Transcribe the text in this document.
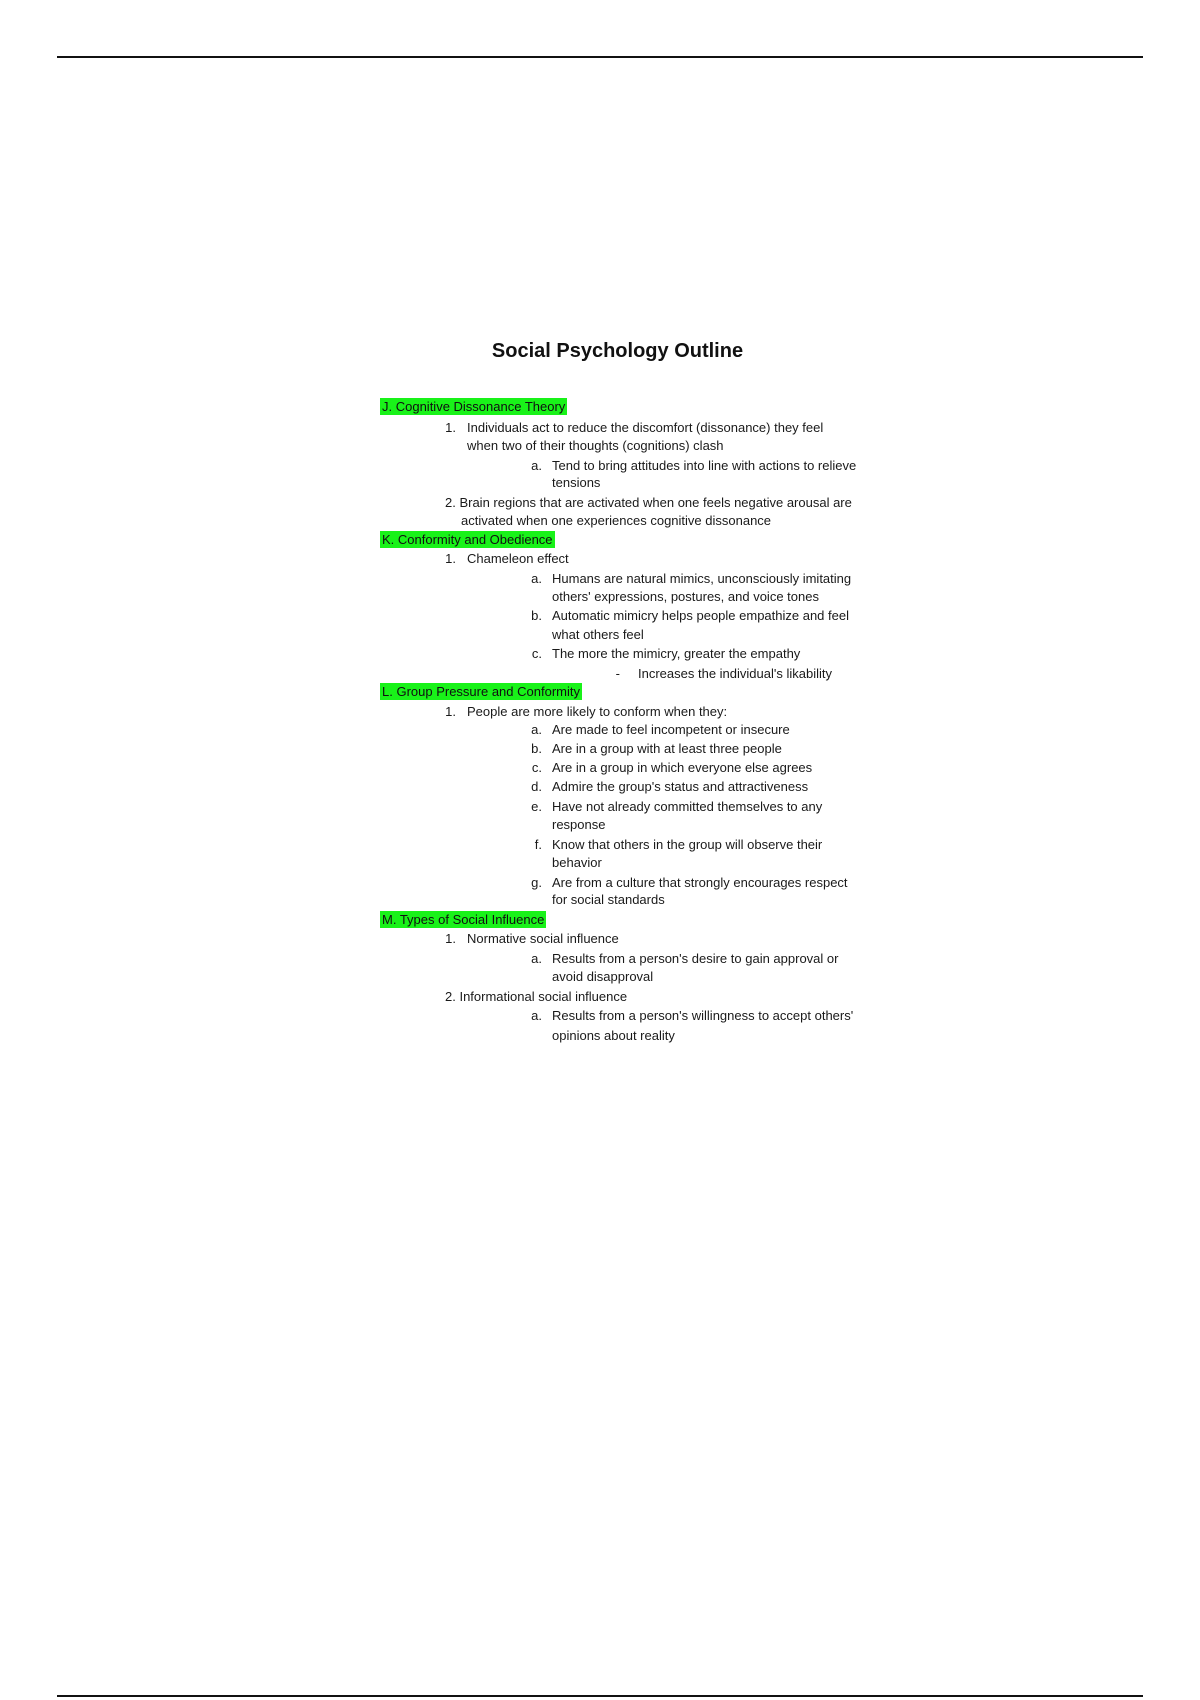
Social Psychology Outline
J. Cognitive Dissonance Theory
1. Individuals act to reduce the discomfort (dissonance) they feel
when two of their thoughts (cognitions) clash
a. Tend to bring attitudes into line with actions to relieve
tensions
2. Brain regions that are activated when one feels negative arousal are
activated when one experiences cognitive dissonance
K. Conformity and Obedience
1. Chameleon effect
a. Humans are natural mimics, unconsciously imitating
others' expressions, postures, and voice tones
b. Automatic mimicry helps people empathize and feel
what others feel
c. The more the mimicry, greater the empathy
- Increases the individual's likability
L. Group Pressure and Conformity
1. People are more likely to conform when they:
a. Are made to feel incompetent or insecure
b. Are in a group with at least three people
c. Are in a group in which everyone else agrees
d. Admire the group's status and attractiveness
e. Have not already committed themselves to any
response
f. Know that others in the group will observe their
behavior
g. Are from a culture that strongly encourages respect
for social standards
M. Types of Social Influence
1. Normative social influence
a. Results from a person's desire to gain approval or
avoid disapproval
2. Informational social influence
a. Results from a person's willingness to accept others'
opinions about reality
